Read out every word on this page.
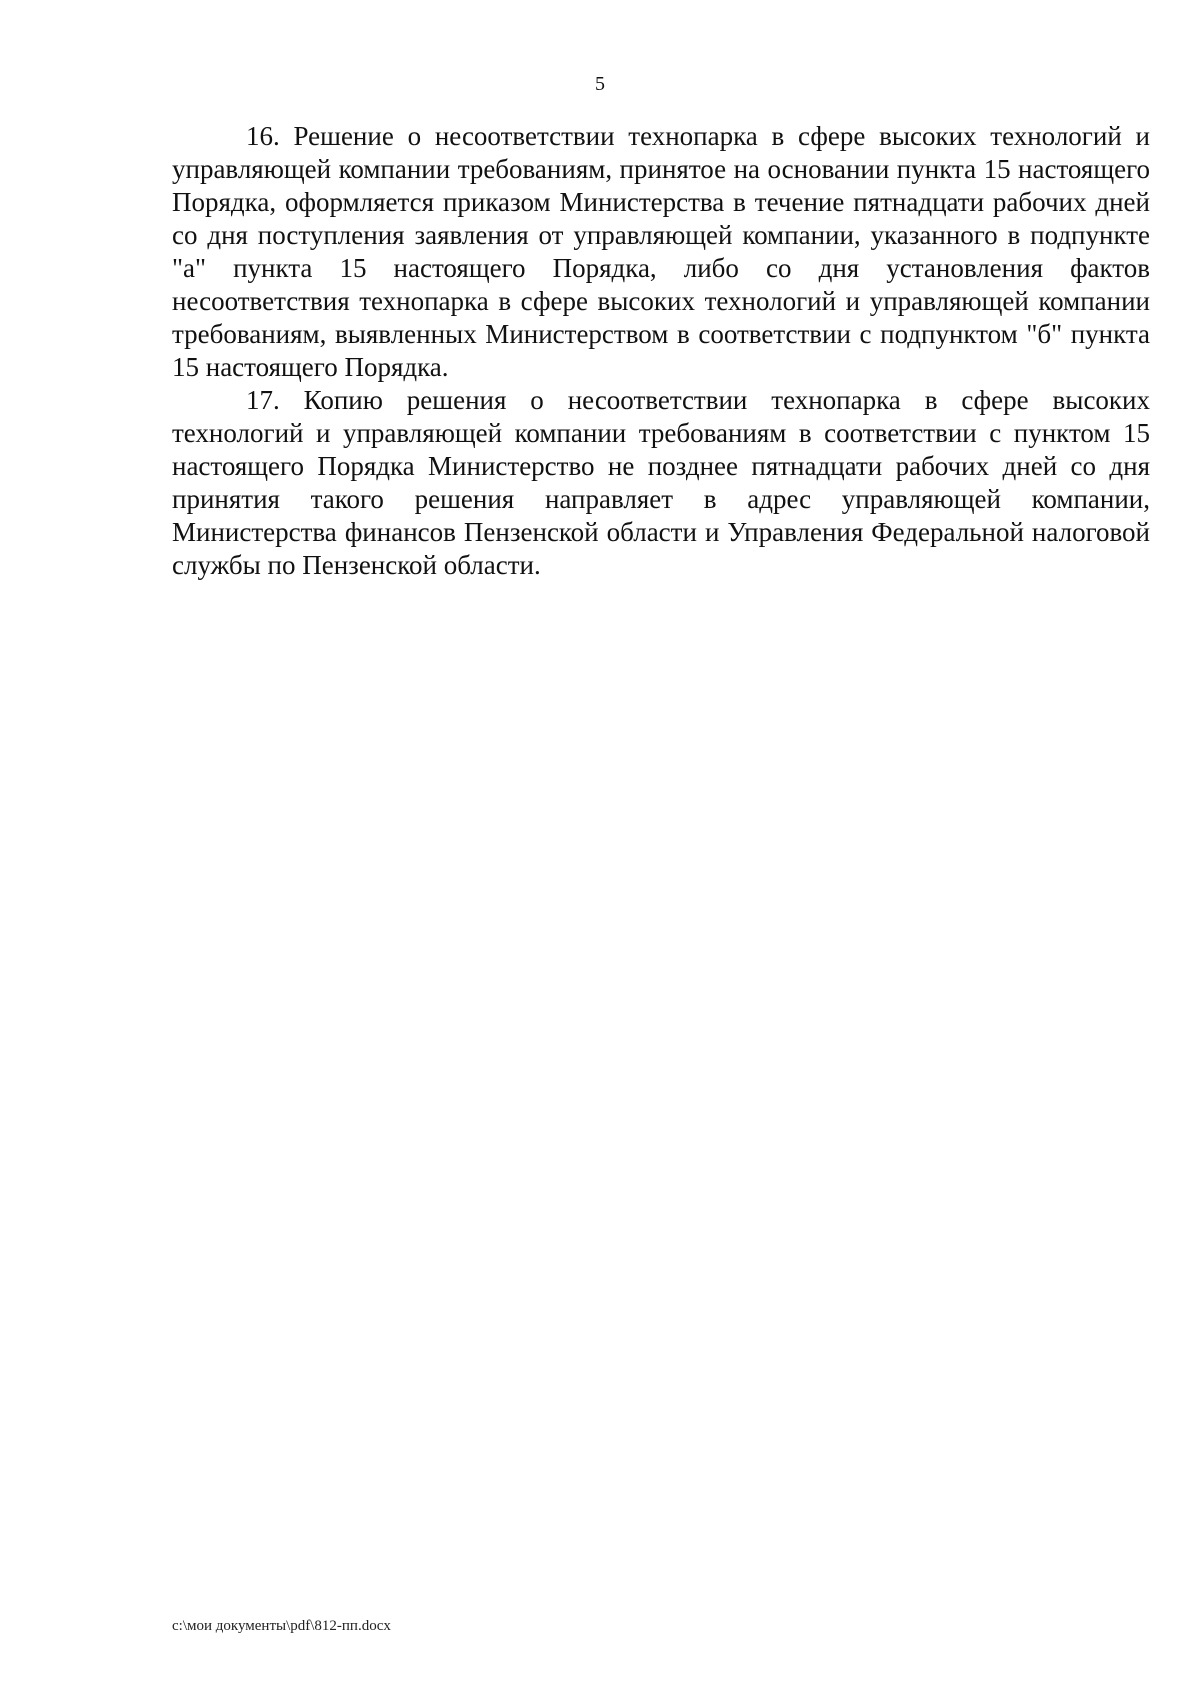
5

16. Решение о несоответствии технопарка в сфере высоких технологий и управляющей компании требованиям, принятое на основании пункта 15 настоящего Порядка, оформляется приказом Министерства в течение пятнадцати рабочих дней со дня поступления заявления от управляющей компании, указанного в подпункте "а" пункта 15 настоящего Порядка, либо со дня установления фактов несоответствия технопарка в сфере высоких технологий и управляющей компании требованиям, выявленных Министерством в соответствии с подпунктом "б" пункта 15 настоящего Порядка.

17. Копию решения о несоответствии технопарка в сфере высоких технологий и управляющей компании требованиям в соответствии с пунктом 15 настоящего Порядка Министерство не позднее пятнадцати рабочих дней со дня принятия такого решения направляет в адрес управляющей компании, Министерства финансов Пензенской области и Управления Федеральной налоговой службы по Пензенской области.

c:\мои документы\pdf\812-пп.docx
